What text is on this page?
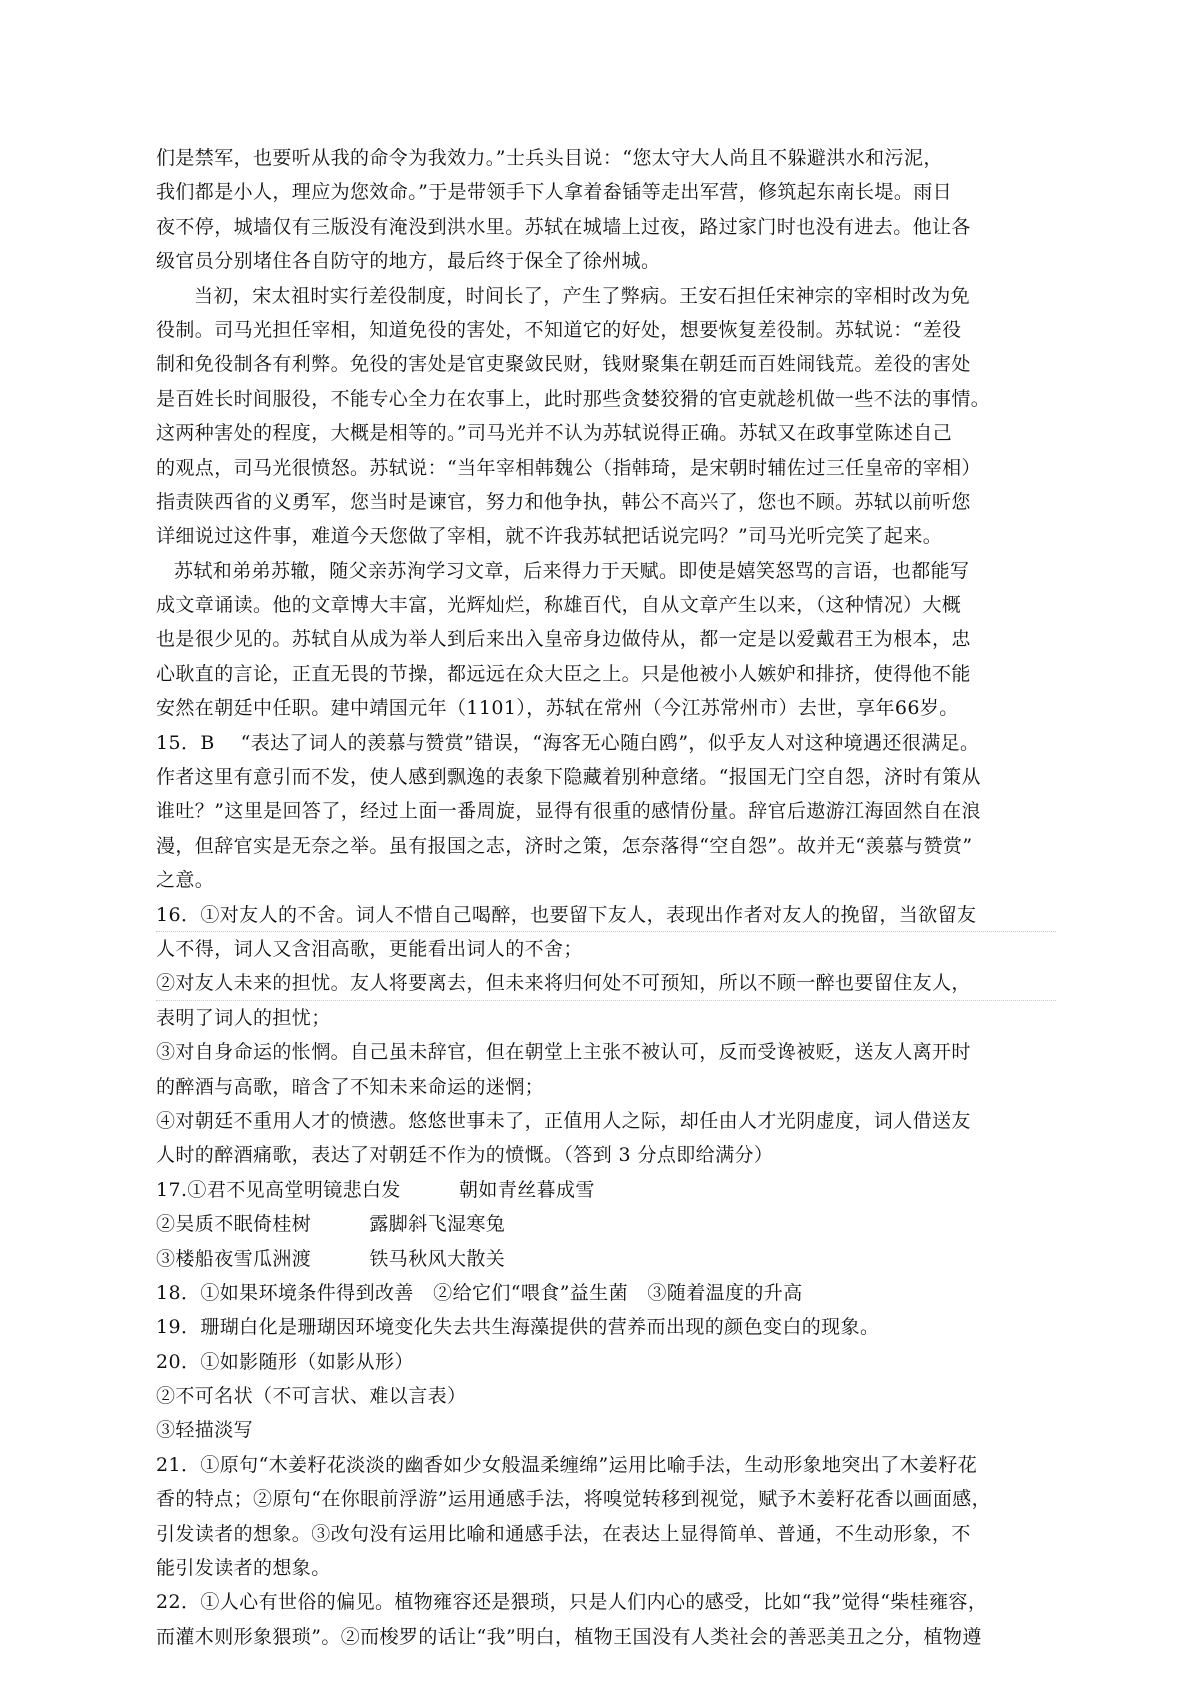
们是禁军，也要听从我的命令为我效力。”士兵头目说：“您太守大人尚且不躲避洪水和污泥，
我们都是小人，理应为您效命。”于是带领手下人拿着畚锸等走出军营，修筑起东南长堤。雨日
夜不停，城墙仅有三版没有淹没到洪水里。苏轼在城墙上过夜，路过家门时也没有进去。他让各
级官员分别堵住各自防守的地方，最后终于保全了徐州城。
当初，宋太祖时实行差役制度，时间长了，产生了弊病。王安石担任宋神宗的宰相时改为免
役制。司马光担任宰相，知道免役的害处，不知道它的好处，想要恢复差役制。苏轼说：“差役
制和免役制各有利弊。免役的害处是官吏聚敛民财，钱财聚集在朝廷而百姓闹钱荒。差役的害处
是百姓长时间服役，不能专心全力在农事上，此时那些贪婪狡猾的官吏就趁机做一些不法的事情。
这两种害处的程度，大概是相等的。”司马光并不认为苏轼说得正确。苏轼又在政事堂陈述自己
的观点，司马光很愤怒。苏轼说：“当年宰相韩魏公（指韩琦，是宋朝时辅佐过三任皇帝的宰相）
指责陕西省的义勇军，您当时是谏官，努力和他争执，韩公不高兴了，您也不顾。苏轼以前听您
详细说过这件事，难道今天您做了宰相，就不许我苏轼把话说完吗？”司马光听完笑了起来。
苏轼和弟弟苏辙，随父亲苏洵学习文章，后来得力于天赋。即使是嬉笑怒骂的言语，也都能写
成文章诵读。他的文章博大丰富，光辉灿烂，称雄百代，自从文章产生以来，（这种情况）大概
也是很少见的。苏轼自从成为举人到后来出入皇帝身边做侍从，都一定是以爱戴君王为根本，忠
心耿直的言论，正直无畏的节操，都远远在众大臣之上。只是他被小人嫉妒和排挤，使得他不能
安然在朝廷中任职。建中靖国元年（1101），苏轼在常州（今江苏常州市）去世，享年66岁。
15．B　 “表达了词人的羡慕与赞赏”错误，“海客无心随白鸥”，似乎友人对这种境遇还很满足。
作者这里有意引而不发，使人感到飘逸的表象下隐藏着别种意绪。“报国无门空自怨，济时有策从
谁吐？”这里是回答了，经过上面一番周旋，显得有很重的感情份量。辞官后遨游江海固然自在浪
漫，但辞官实是无奈之举。虽有报国之志，济时之策，怎奈落得“空自怨”。故并无“羡慕与赞赏”
之意。
16．①对友人的不舍。词人不惜自己喝醉，也要留下友人，表现出作者对友人的挽留，当欲留友
人不得，词人又含泪高歌，更能看出词人的不舍；
②对友人未来的担忧。友人将要离去，但未来将归何处不可预知，所以不顾一醉也要留住友人，
表明了词人的担忧；
③对自身命运的怅惘。自己虽未辞官，但在朝堂上主张不被认可，反而受谗被贬，送友人离开时
的醉酒与高歌，暗含了不知未来命运的迷惘；
④对朝廷不重用人才的愤懑。悠悠世事未了，正值用人之际，却任由人才光阴虚度，词人借送友
人时的醉酒痛歌，表达了对朝廷不作为的愤慨。（答到 3 分点即给满分）
17.①君不见高堂明镜悲白发　　　朝如青丝暮成雪
②吴质不眠倚桂树　　　露脚斜飞湿寒兔
③楼船夜雪瓜洲渡　　　铁马秋风大散关
18．①如果环境条件得到改善　②给它们“喂食”益生菌　③随着温度的升高
19．珊瑚白化是珊瑚因环境变化失去共生海藻提供的营养而出现的颜色变白的现象。
20．①如影随形（如影从形）
②不可名状（不可言状、难以言表）
③轻描淡写
21．①原句“木姜籽花淡淡的幽香如少女般温柔缠绵”运用比喻手法，生动形象地突出了木姜籽花
香的特点；②原句“在你眼前浮游”运用通感手法，将嗅觉转移到视觉，赋予木姜籽花香以画面感，
引发读者的想象。③改句没有运用比喻和通感手法，在表达上显得简单、普通，不生动形象，不
能引发读者的想象。
22．①人心有世俗的偏见。植物雍容还是猥琐，只是人们内心的感受，比如“我”觉得“柴桂雍容，
而灌木则形象猥琐”。②而梭罗的话让“我”明白，植物王国没有人类社会的善恶美丑之分，植物遵
